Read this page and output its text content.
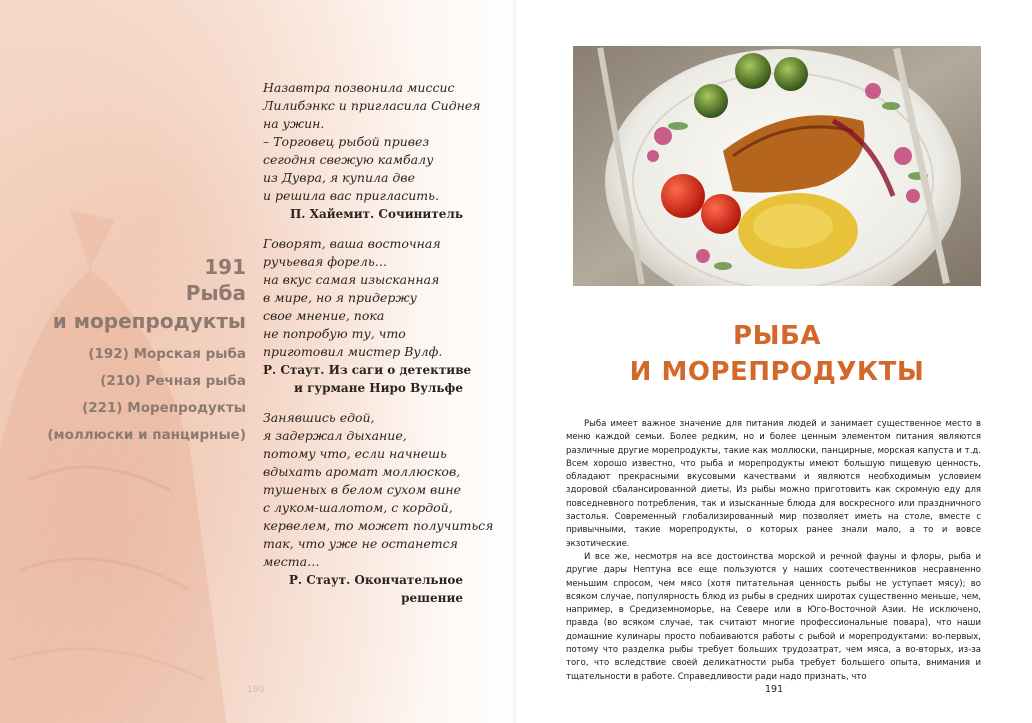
191
Рыба
и морепродукты
(192) Морская рыба
(210) Речная рыба
(221) Морепродукты
(моллюски и панцирные)
Назавтра позвонила миссис
Лилибэнкс и пригласила Сиднея
на ужин.
– Торговец рыбой привез
сегодня свежую камбалу
из Дувра, я купила две
и решила вас пригласить.
П. Хайемит. Сочинитель
Говорят, ваша восточная
ручьевая форель…
на вкус самая изысканная
в мире, но я придержу
свое мнение, пока
не попробую ту, что
приготовил мистер Вулф.
Р. Стаут. Из саги о детективе
и гурмане Ниро Вульфе
Занявшись едой,
я задержал дыхание,
потому что, если начнешь
вдыхать аромат моллюсков,
тушеных в белом сухом вине
с луком-шалотом, с кордой,
кервелем, то может получиться
так, что уже не останется
места…
Р. Стаут. Окончательное
решение
190
РЫБА
И МОРЕПРОДУКТЫ

Рыба имеет важное значение для питания людей и занимает существенное место в меню каждой семьи. Более редким, но и более ценным элементом питания являются различные другие морепродукты, такие как моллюски, панцирные, морская капуста и т.д. Всем хорошо известно, что рыба и морепродукты имеют большую пищевую ценность, обладают прекрасными вкусовыми качествами и являются необходимым условием здоровой сбалансированной диеты. Из рыбы можно приготовить как скромную еду для повседневного потребления, так и изысканные блюда для воскресного или праздничного застолья. Современный глобализированный мир позволяет иметь на столе, вместе с привычными, такие морепродукты, о которых ранее знали мало, а то и вовсе экзотические.

И все же, несмотря на все достоинства морской и речной фауны и флоры, рыба и другие дары Нептуна все еще пользуются у наших соотечественников несравненно меньшим спросом, чем мясо (хотя питательная ценность рыбы не уступает мясу); во всяком случае, популярность блюд из рыбы в средних широтах существенно меньше, чем, например, в Средиземноморье, на Севере или в Юго-Восточной Азии. Не исключено, правда (во всяком случае, так считают многие профессиональные повара), что наши домашние кулинары просто побаиваются работы с рыбой и морепродуктами: во-первых, потому что разделка рыбы требует больших трудозатрат, чем мяса, а во-вторых, из-за того, что вследствие своей деликатности рыба требует большего опыта, внимания и тщательности в работе. Справедливости ради надо признать, что

191
